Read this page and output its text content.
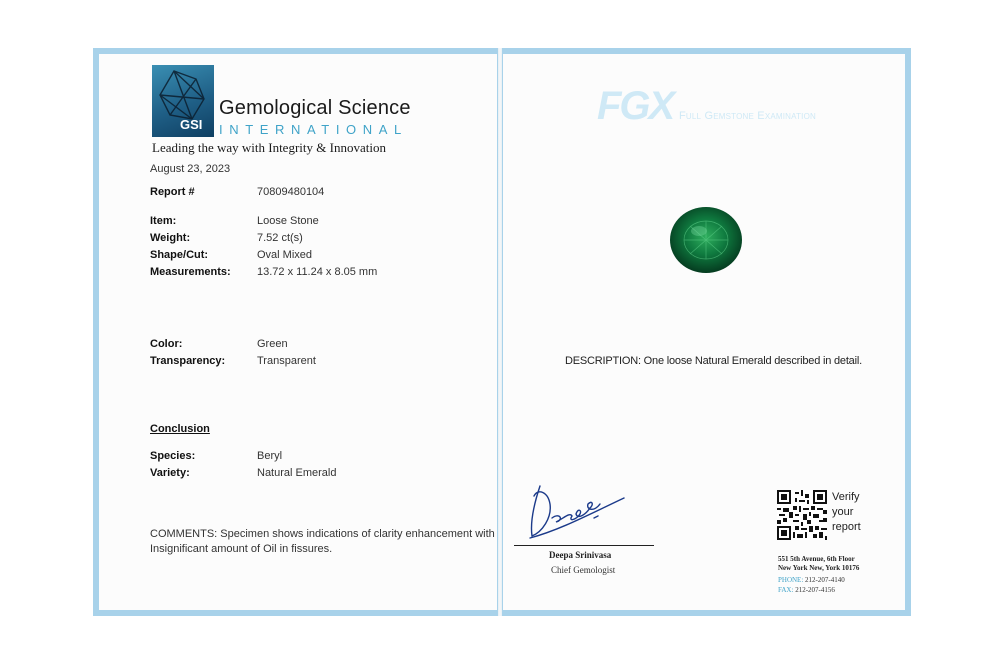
GSI
Gemological Science
INTERNATIONAL
Leading the way with Integrity & Innovation
August 23, 2023
Report #	70809480104
Item:	Loose Stone
Weight:	7.52 ct(s)
Shape/Cut:	Oval Mixed
Measurements: 13.72 x 11.24 x 8.05 mm
Color:	Green
Transparency:	Transparent
Conclusion
Species:	Beryl
Variety:	Natural Emerald
COMMENTS: Specimen shows indications of clarity enhancement with
Insignificant amount of Oil in fissures.
FGX Full Gemstone Examination
DESCRIPTION: One loose Natural Emerald described in detail.
Deepa Srinivasa
Chief Gemologist
Verify
your
report
551 5th Avenue, 6th Floor
New York New, York 10176
PHONE: 212-207-4140
FAX: 212-207-4156
